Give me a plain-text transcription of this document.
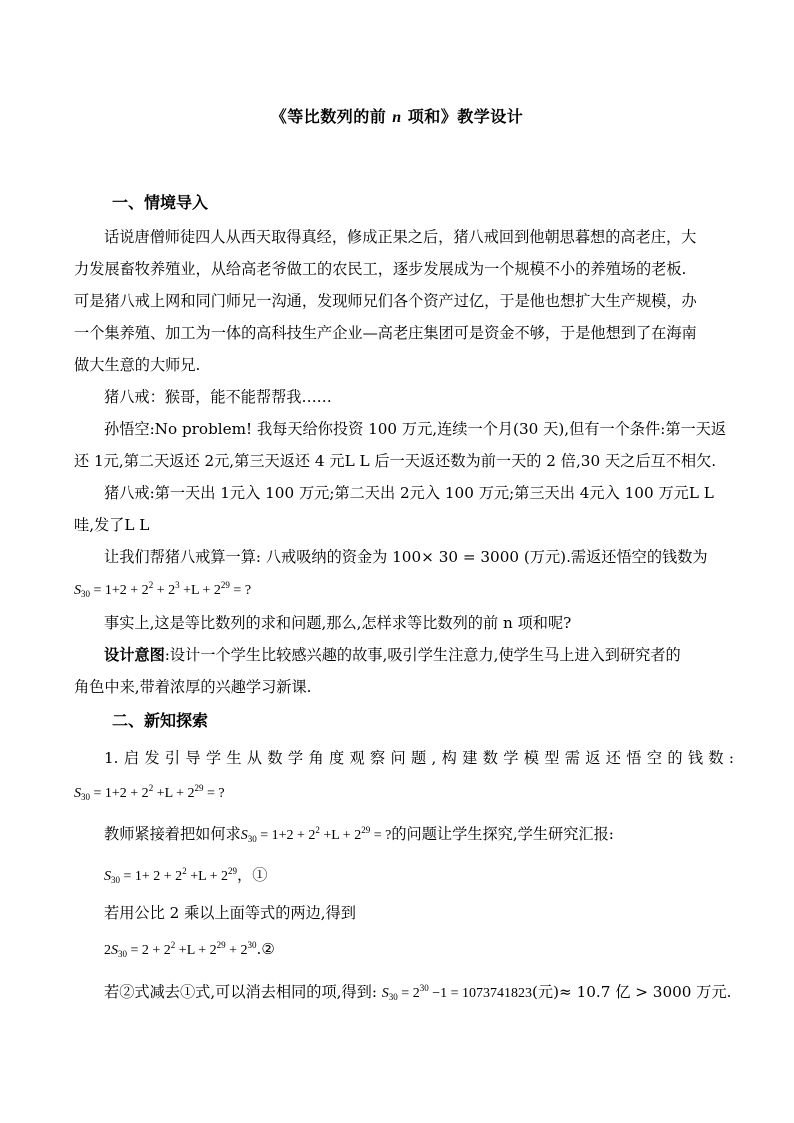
《等比数列的前 n 项和》教学设计
一、情境导入
话说唐僧师徒四人从西天取得真经，修成正果之后，猪八戒回到他朝思暮想的高老庄，大
力发展畜牧养殖业，从给高老爷做工的农民工，逐步发展成为一个规模不小的养殖场的老板.
可是猪八戒上网和同门师兄一沟通，发现师兄们各个资产过亿，于是他也想扩大生产规模，办
一个集养殖、加工为一体的高科技生产企业—高老庄集团可是资金不够，于是他想到了在海南
做大生意的大师兄.
猪八戒：猴哥，能不能帮帮我……
孙悟空:No problem! 我每天给你投资 100 万元,连续一个月(30 天),但有一个条件:第一天返
还 1元,第二天返还 2元,第三天返还 4 元L L 后一天返还数为前一天的 2 倍,30 天之后互不相欠.
猪八戒:第一天出 1元入 100 万元;第二天出 2元入 100 万元;第三天出 4元入 100 万元L L
哇,发了L L
让我们帮猪八戒算一算: 八戒吸纳的资金为 100× 30 = 3000 (万元).需返还悟空的钱数为
$S_{30} = 1+2 + 2^2 + 2^3 +L + 2^{29}$ = ?
事实上,这是等比数列的求和问题,那么,怎样求等比数列的前 n 项和呢?
设计意图:设计一个学生比较感兴趣的故事,吸引学生注意力,使学生马上进入到研究者的
角色中来,带着浓厚的兴趣学习新课.
二、新知探索
1.启发引导学生从数学角度观察问题,构建数学模型需返还悟空的钱数:
$S_{30} = 1+2 + 2^2 +L + 2^{29}$ = ?
教师紧接着把如何求$S_{30} = 1+2 + 2^2 +L + 2^{29}$ = ?的问题让学生探究,学生研究汇报:
$S_{30} = 1+ 2 + 2^2 +L + 2^{29}$，①
若用公比 2 乘以上面等式的两边,得到
$2S_{30} = 2 + 2^2 +L + 2^{29}$ + $2^{30}.②$
若②式减去①式,可以消去相同的项,得到: $S_{30} = 2^{30} -1 = 1073741823$(元)≈ 10.7 亿 > 3000 万元.
